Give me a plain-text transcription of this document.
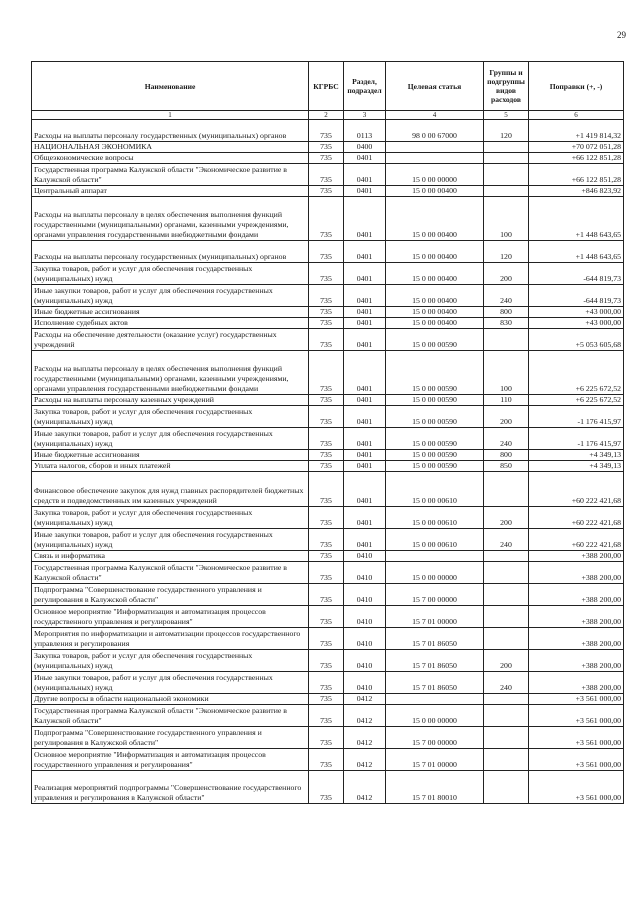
29
Наименование	КГРБС	Раздел, подраздел	Целевая статья	Группы и подгруппы видов расходов	Поправки (+, -)
1	2	3	4	5	6
Расходы на выплаты персоналу государственных (муниципальных) органов	735	0113	98 0 00 67000	120	+1 419 814,32
НАЦИОНАЛЬНАЯ ЭКОНОМИКА	735	0400			+70 072 051,28
Общеэкономические вопросы	735	0401			+66 122 851,28
Государственная программа Калужской области "Экономическое развитие в Калужской области"	735	0401	15 0 00 00000		+66 122 851,28
Центральный аппарат	735	0401	15 0 00 00400		+846 823,92
Расходы на выплаты персоналу в целях обеспечения выполнения функций государственными (муниципальными) органами, казенными учреждениями, органами управления государственными внебюджетными фондами	735	0401	15 0 00 00400	100	+1 448 643,65
Расходы на выплаты персоналу государственных (муниципальных) органов	735	0401	15 0 00 00400	120	+1 448 643,65
Закупка товаров, работ и услуг для обеспечения государственных (муниципальных) нужд	735	0401	15 0 00 00400	200	-644 819,73
Иные закупки товаров, работ и услуг для обеспечения государственных (муниципальных) нужд	735	0401	15 0 00 00400	240	-644 819,73
Иные бюджетные ассигнования	735	0401	15 0 00 00400	800	+43 000,00
Исполнение судебных актов	735	0401	15 0 00 00400	830	+43 000,00
Расходы на обеспечение деятельности (оказание услуг) государственных учреждений	735	0401	15 0 00 00590		+5 053 605,68
Расходы на выплаты персоналу в целях обеспечения выполнения функций государственными (муниципальными) органами, казенными учреждениями, органами управления государственными внебюджетными фондами	735	0401	15 0 00 00590	100	+6 225 672,52
Расходы на выплаты персоналу казенных учреждений	735	0401	15 0 00 00590	110	+6 225 672,52
Закупка товаров, работ и услуг для обеспечения государственных (муниципальных) нужд	735	0401	15 0 00 00590	200	-1 176 415,97
Иные закупки товаров, работ и услуг для обеспечения государственных (муниципальных) нужд	735	0401	15 0 00 00590	240	-1 176 415,97
Иные бюджетные ассигнования	735	0401	15 0 00 00590	800	+4 349,13
Уплата налогов, сборов и иных платежей	735	0401	15 0 00 00590	850	+4 349,13
Финансовое обеспечение закупок для нужд главных распорядителей бюджетных средств и подведомственных им казенных учреждений	735	0401	15 0 00 00610		+60 222 421,68
Закупка товаров, работ и услуг для обеспечения государственных (муниципальных) нужд	735	0401	15 0 00 00610	200	+60 222 421,68
Иные закупки товаров, работ и услуг для обеспечения государственных (муниципальных) нужд	735	0401	15 0 00 00610	240	+60 222 421,68
Связь и информатика	735	0410			+388 200,00
Государственная программа Калужской области "Экономическое развитие в Калужской области"	735	0410	15 0 00 00000		+388 200,00
Подпрограмма "Совершенствование государственного управления и регулирования в Калужской области"	735	0410	15 7 00 00000		+388 200,00
Основное мероприятие "Информатизация и автоматизация процессов государственного управления и регулирования"	735	0410	15 7 01 00000		+388 200,00
Мероприятия по информатизации и автоматизации процессов государственного управления и регулирования	735	0410	15 7 01 86050		+388 200,00
Закупка товаров, работ и услуг для обеспечения государственных (муниципальных) нужд	735	0410	15 7 01 86050	200	+388 200,00
Иные закупки товаров, работ и услуг для обеспечения государственных (муниципальных) нужд	735	0410	15 7 01 86050	240	+388 200,00
Другие вопросы в области национальной экономики	735	0412			+3 561 000,00
Государственная программа Калужской области "Экономическое развитие в Калужской области"	735	0412	15 0 00 00000		+3 561 000,00
Подпрограмма "Совершенствование государственного управления и регулирования в Калужской области"	735	0412	15 7 00 00000		+3 561 000,00
Основное мероприятие "Информатизация и автоматизация процессов государственного управления и регулирования"	735	0412	15 7 01 00000		+3 561 000,00
Реализация мероприятий подпрограммы "Совершенствование государственного управления и регулирования в Калужской области"	735	0412	15 7 01 80010		+3 561 000,00
